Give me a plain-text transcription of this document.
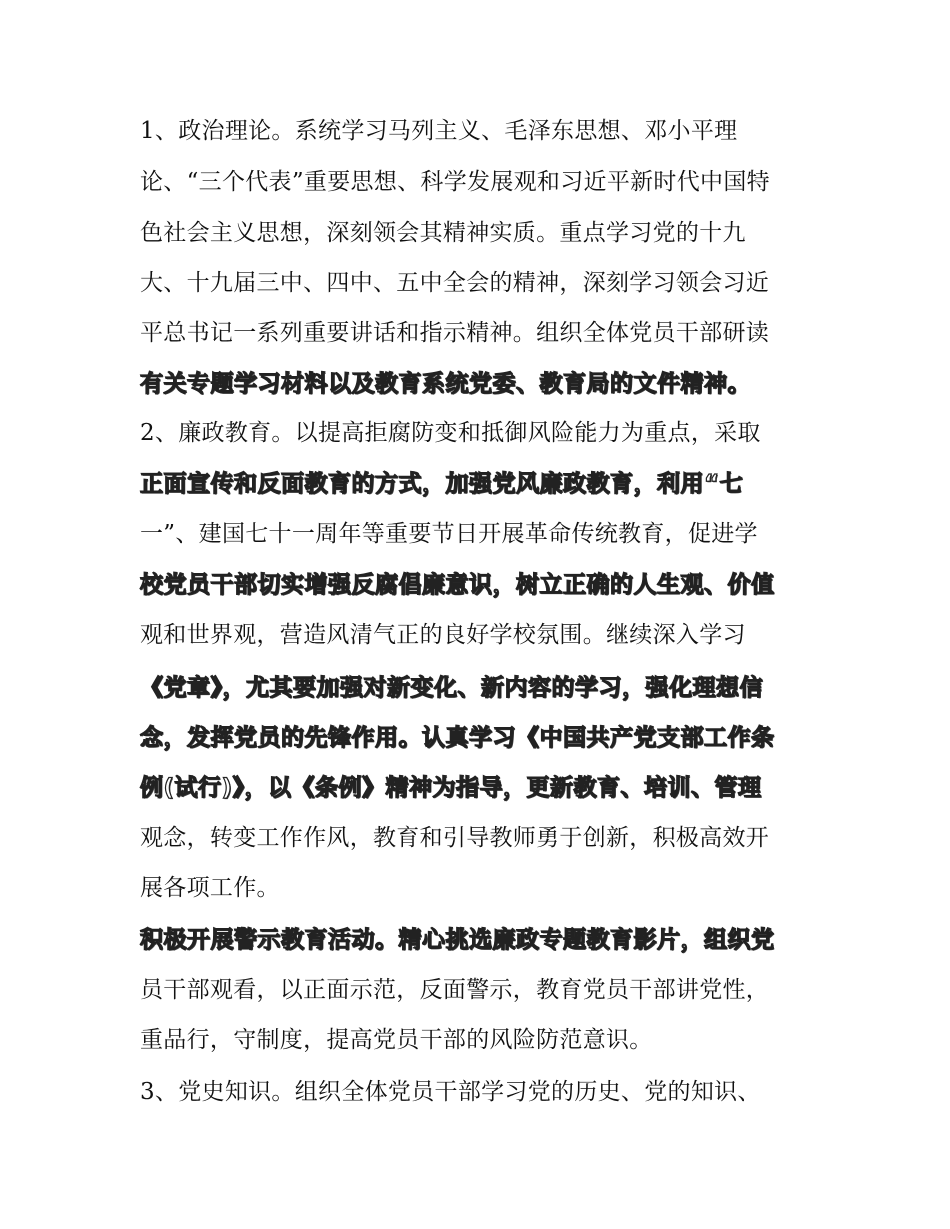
1、政治理论。系统学习马列主义、毛泽东思想、邓小平理
论、“三个代表”重要思想、科学发展观和习近平新时代中国特
色社会主义思想，深刻领会其精神实质。重点学习党的十九
大、十九届三中、四中、五中全会的精神，深刻学习领会习近
平总书记一系列重要讲话和指示精神。组织全体党员干部研读
有关专题学习材料以及教育系统党委、教育局的文件精神。
2、廉政教育。以提高拒腐防变和抵御风险能力为重点，采取
正面宣传和反面教育的方式，加强党风廉政教育，利用“七
一”、建国七十一周年等重要节日开展革命传统教育，促进学
校党员干部切实增强反腐倡廉意识，树立正确的人生观、价值
观和世界观，营造风清气正的良好学校氛围。继续深入学习
《党章》，尤其要加强对新变化、新内容的学习，强化理想信
念，发挥党员的先锋作用。认真学习《中国共产党支部工作条
例(试行)》，以《条例》精神为指导，更新教育、培训、管理
观念，转变工作作风，教育和引导教师勇于创新，积极高效开
展各项工作。
积极开展警示教育活动。精心挑选廉政专题教育影片，组织党
员干部观看，以正面示范，反面警示，教育党员干部讲党性，
重品行，守制度，提高党员干部的风险防范意识。
3、党史知识。组织全体党员干部学习党的历史、党的知识、
